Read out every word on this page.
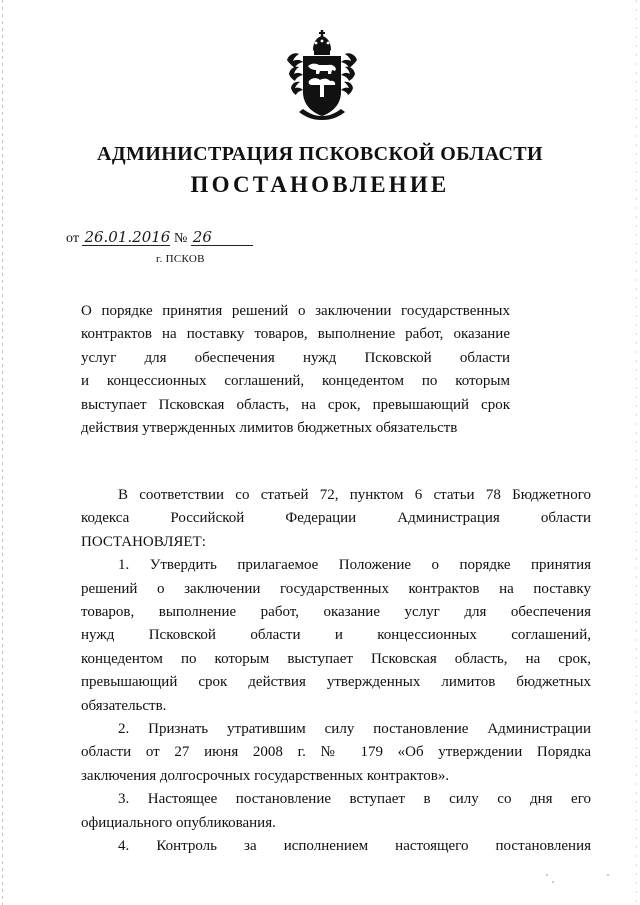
АДМИНИСТРАЦИЯ ПСКОВСКОЙ ОБЛАСТИ
ПОСТАНОВЛЕНИЕ
от 26.01.2016 № 26
г. ПСКОВ
О порядке принятия решений о заключении государственных
контрактов на поставку товаров, выполнение работ, оказание
услуг для обеспечения нужд Псковской области
и концессионных соглашений, концедентом по которым
выступает Псковская область, на срок, превышающий срок
действия утвержденных лимитов бюджетных обязательств
В соответствии со статьей 72, пунктом 6 статьи 78 Бюджетного
кодекса Российской Федерации Администрация области
ПОСТАНОВЛЯЕТ:
1. Утвердить прилагаемое Положение о порядке принятия
решений о заключении государственных контрактов на поставку
товаров, выполнение работ, оказание услуг для обеспечения
нужд Псковской области и концессионных соглашений,
концедентом по которым выступает Псковская область, на срок,
превышающий срок действия утвержденных лимитов бюджетных
обязательств.
2. Признать утратившим силу постановление Администрации
области от 27 июня 2008 г. № 179 «Об утверждении Порядка
заключения долгосрочных государственных контрактов».
3. Настоящее постановление вступает в силу со дня его
официального опубликования.
4. Контроль за исполнением настоящего постановления
